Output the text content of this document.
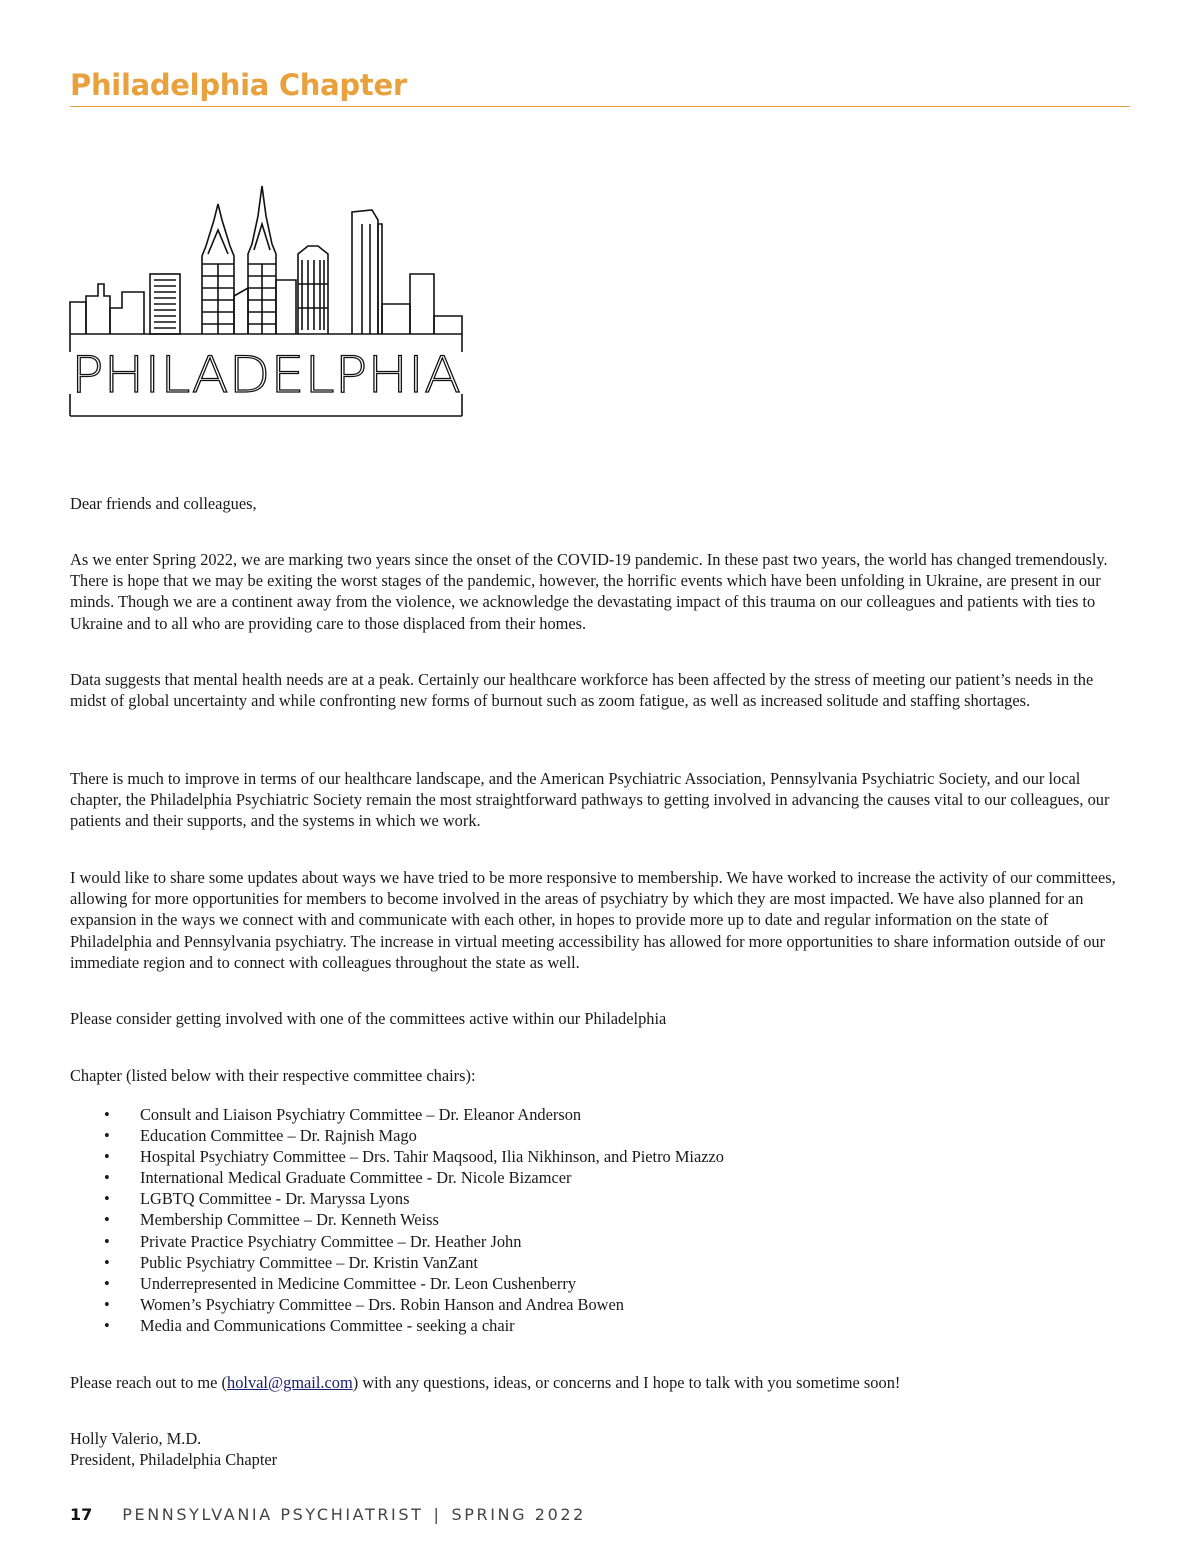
Philadelphia Chapter
PHILADELPHIA
Dear friends and colleagues,

As we enter Spring 2022, we are marking two years since the onset of the COVID-19 pandemic. In these past two years, the world has changed tremendously. There is hope that we may be exiting the worst stages of the pandemic, however, the horrific events which have been unfolding in Ukraine, are present in our minds. Though we are a continent away from the violence, we acknowledge the devastating impact of this trauma on our colleagues and patients with ties to Ukraine and to all who are providing care to those displaced from their homes.

Data suggests that mental health needs are at a peak. Certainly our healthcare workforce has been affected by the stress of meeting our patient’s needs in the midst of global uncertainty and while confronting new forms of burnout such as zoom fatigue, as well as increased solitude and staffing shortages.

There is much to improve in terms of our healthcare landscape, and the American Psychiatric Association, Pennsylvania Psychiatric Society, and our local chapter, the Philadelphia Psychiatric Society remain the most straightforward pathways to getting involved in advancing the causes vital to our colleagues, our patients and their supports, and the systems in which we work.

I would like to share some updates about ways we have tried to be more responsive to membership. We have worked to increase the activity of our committees, allowing for more opportunities for members to become involved in the areas of psychiatry by which they are most impacted. We have also planned for an expansion in the ways we connect with and communicate with each other, in hopes to provide more up to date and regular information on the state of Philadelphia and Pennsylvania psychiatry. The increase in virtual meeting accessibility has allowed for more opportunities to share information outside of our immediate region and to connect with colleagues throughout the state as well.

Please consider getting involved with one of the committees active within our Philadelphia

Chapter (listed below with their respective committee chairs):

• Consult and Liaison Psychiatry Committee – Dr. Eleanor Anderson
• Education Committee – Dr. Rajnish Mago
• Hospital Psychiatry Committee – Drs. Tahir Maqsood, Ilia Nikhinson, and Pietro Miazzo
• International Medical Graduate Committee - Dr. Nicole Bizamcer
• LGBTQ Committee - Dr. Maryssa Lyons
• Membership Committee – Dr. Kenneth Weiss
• Private Practice Psychiatry Committee – Dr. Heather John
• Public Psychiatry Committee – Dr. Kristin VanZant
• Underrepresented in Medicine Committee - Dr. Leon Cushenberry
• Women’s Psychiatry Committee – Drs. Robin Hanson and Andrea Bowen
• Media and Communications Committee - seeking a chair
Please reach out to me (holval@gmail.com) with any questions, ideas, or concerns and I hope to talk with you sometime soon!
Holly Valerio, M.D.
President, Philadelphia Chapter
17 PENNSYLVANIA PSYCHIATRIST | SPRING 2022
